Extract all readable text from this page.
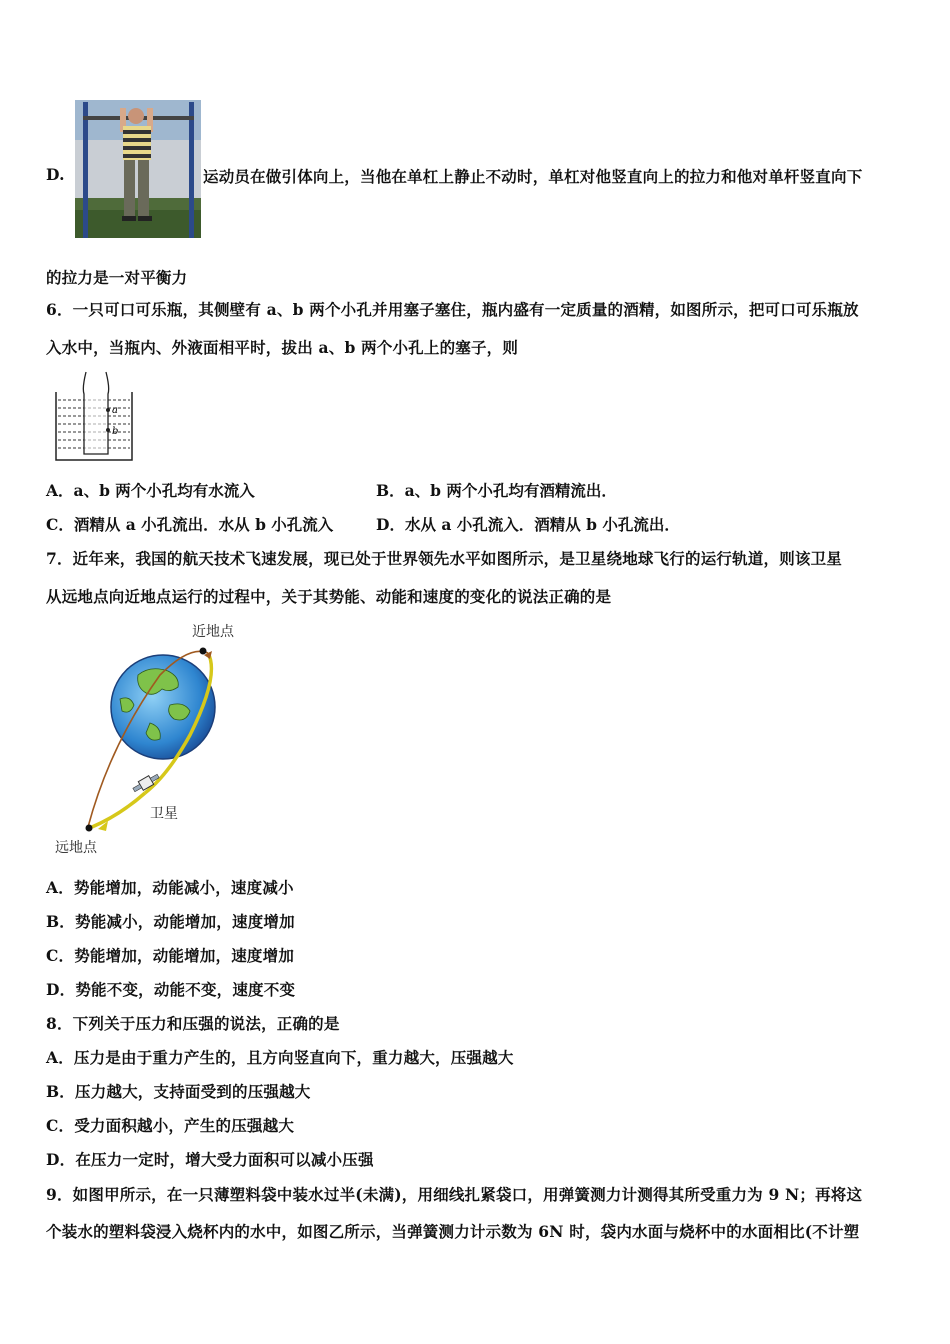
D.	运动员在做引体向上，当他在单杠上静止不动时，单杠对他竖直向上的拉力和他对单杆竖直向下
的拉力是一对平衡力
6．一只可口可乐瓶，其侧壁有 a、b 两个小孔并用塞子塞住，瓶内盛有一定质量的酒精，如图所示，把可口可乐瓶放
入水中，当瓶内、外液面相平时，拔出 a、b 两个小孔上的塞子，则
a
b
A．a、b 两个小孔均有水流入	B．a、b 两个小孔均有酒精流出．
C．酒精从 a 小孔流出．水从 b 小孔流入	D．水从 a 小孔流入．酒精从 b 小孔流出．
7．近年来，我国的航天技术飞速发展，现已处于世界领先水平如图所示，是卫星绕地球飞行的运行轨道，则该卫星
从远地点向近地点运行的过程中，关于其势能、动能和速度的变化的说法正确的是
近地点
卫星
远地点
A．势能增加，动能减小，速度减小
B．势能减小，动能增加，速度增加
C．势能增加，动能增加，速度增加
D．势能不变，动能不变，速度不变
8．下列关于压力和压强的说法，正确的是
A．压力是由于重力产生的，且方向竖直向下，重力越大，压强越大
B．压力越大，支持面受到的压强越大
C．受力面积越小，产生的压强越大
D．在压力一定时，增大受力面积可以减小压强
9．如图甲所示，在一只薄塑料袋中装水过半(未满)，用细线扎紧袋口，用弹簧测力计测得其所受重力为 9 N；再将这
个装水的塑料袋浸入烧杯内的水中，如图乙所示，当弹簧测力计示数为 6N 时，袋内水面与烧杯中的水面相比(不计塑
